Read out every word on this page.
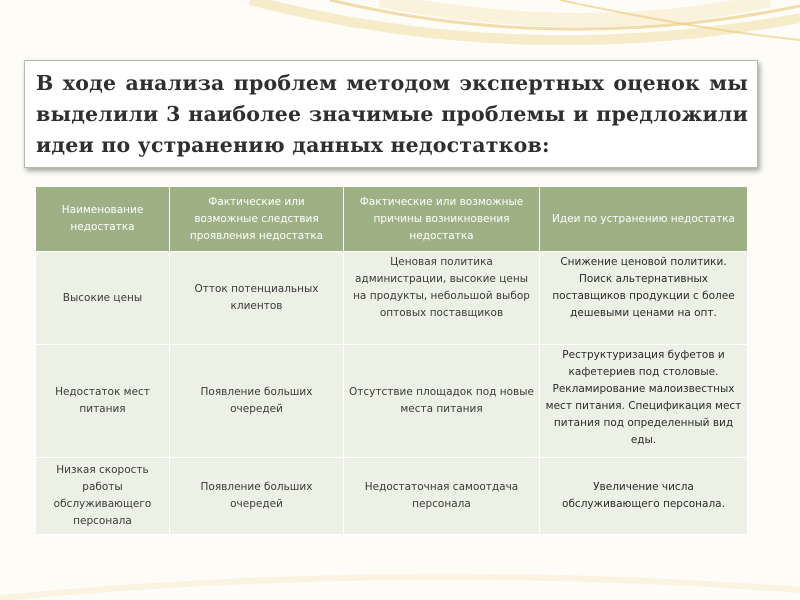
В ходе анализа проблем методом экспертных оценок мы выделили 3 наиболее значимые проблемы и предложили идеи по устранению данных недостатков:

Наименование недостатка	Фактические или возможные следствия проявления недостатка	Фактические или возможные причины возникновения недостатка	Идеи по устранению недостатка
Высокие цены	Отток потенциальных клиентов	Ценовая политика администрации, высокие цены на продукты, небольшой выбор оптовых поставщиков	Снижение ценовой политики. Поиск альтернативных поставщиков продукции с более дешевыми ценами на опт.
Недостаток мест питания	Появление больших очередей	Отсутствие площадок под новые места питания	Реструктуризация буфетов и кафетериев под столовые. Рекламирование малоизвестных мест питания. Спецификация мест питания под определенный вид еды.
Низкая скорость работы обслуживающего персонала	Появление больших очередей	Недостаточная самоотдача персонала	Увеличение числа обслуживающего персонала.
